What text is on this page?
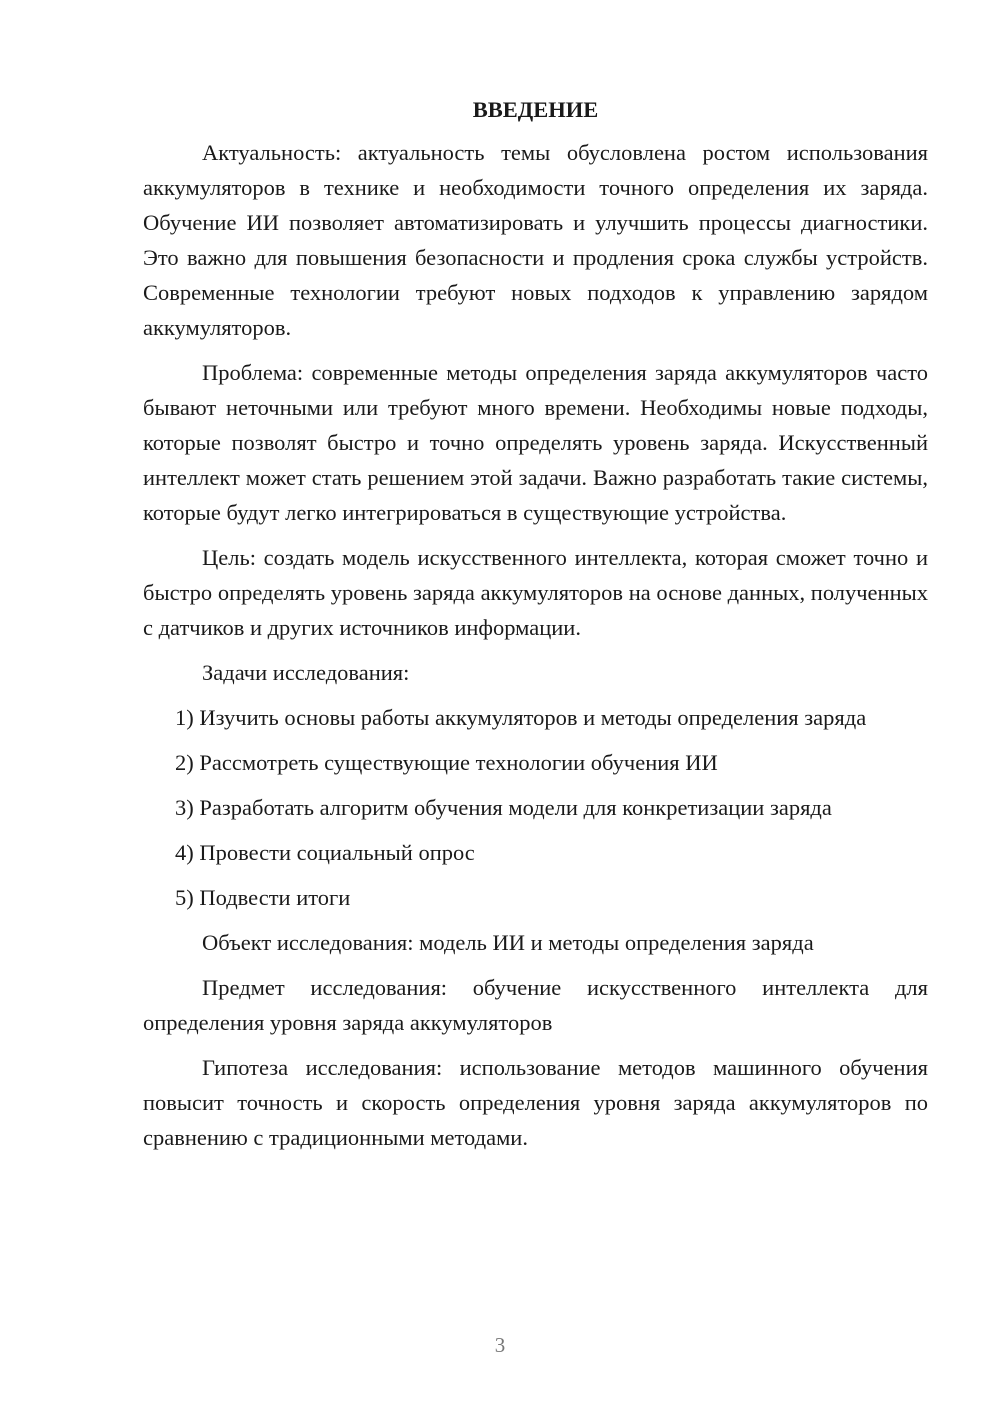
ВВЕДЕНИЕ

Актуальность: актуальность темы обусловлена ростом использования аккумуляторов в технике и необходимости точного определения их заряда. Обучение ИИ позволяет автоматизировать и улучшить процессы диагностики. Это важно для повышения безопасности и продления срока службы устройств. Современные технологии требуют новых подходов к управлению зарядом аккумуляторов.

Проблема: современные методы определения заряда аккумуляторов часто бывают неточными или требуют много времени. Необходимы новые подходы, которые позволят быстро и точно определять уровень заряда. Искусственный интеллект может стать решением этой задачи. Важно разработать такие системы, которые будут легко интегрироваться в существующие устройства.

Цель: создать модель искусственного интеллекта, которая сможет точно и быстро определять уровень заряда аккумуляторов на основе данных, полученных с датчиков и других источников информации.

Задачи исследования:

1) Изучить основы работы аккумуляторов и методы определения заряда

2) Рассмотреть существующие технологии обучения ИИ

3) Разработать алгоритм обучения модели для конкретизации заряда

4) Провести социальный опрос

5) Подвести итоги

Объект исследования: модель ИИ и методы определения заряда

Предмет исследования: обучение искусственного интеллекта для определения уровня заряда аккумуляторов

Гипотеза исследования: использование методов машинного обучения повысит точность и скорость определения уровня заряда аккумуляторов по сравнению с традиционными методами.

3
